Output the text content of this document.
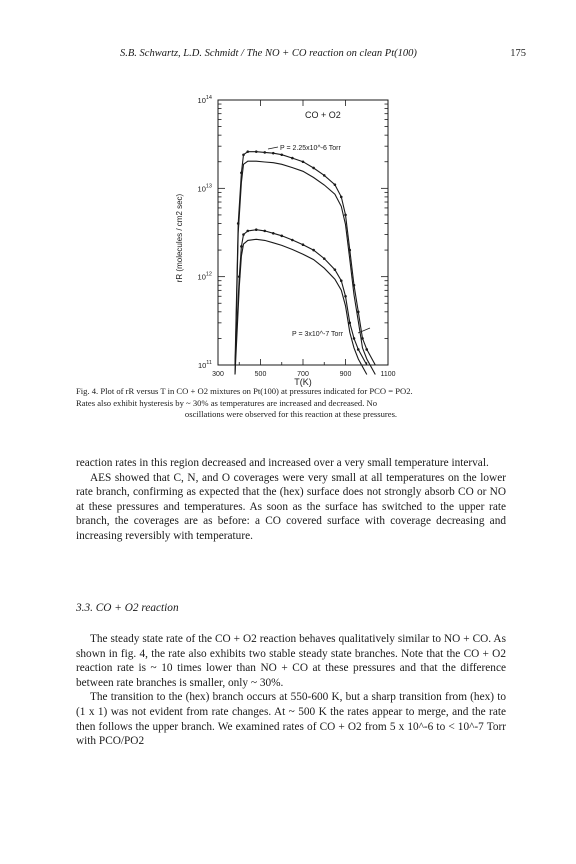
S.B. Schwartz, L.D. Schmidt / The NO + CO reaction on clean Pt(100)	175
$10^{11}$
$10^{12}$
$10^{13}$
$10^{14}$
300	500	700	900	1100
CO + O2
P = 2.25x10^-6 Torr
P = 3x10^-7 Torr
T(K)
rR (molecules / cm2 sec)
Fig. 4. Plot of rR versus T in CO + O2 mixtures on Pt(100) at pressures indicated for PCO = PO2.
Rates also exhibit hysteresis by ~ 30% as temperatures are increased and decreased. No
oscillations were observed for this reaction at these pressures.

reaction rates in this region decreased and increased over a very small temperature interval.

AES showed that C, N, and O coverages were very small at all temperatures on the lower rate branch, confirming as expected that the (hex) surface does not strongly absorb CO or NO at these pressures and temperatures. As soon as the surface has switched to the upper rate branch, the coverages are as before: a CO covered surface with coverage decreasing and increasing reversibly with temperature.

3.3. CO + O2 reaction

The steady state rate of the CO + O2 reaction behaves qualitatively similar to NO + CO. As shown in fig. 4, the rate also exhibits two stable steady state branches. Note that the CO + O2 reaction rate is ~ 10 times lower than NO + CO at these pressures and that the difference between rate branches is smaller, only ~ 30%.

The transition to the (hex) branch occurs at 550-600 K, but a sharp transition from (hex) to (1 x 1) was not evident from rate changes. At ~ 500 K the rates appear to merge, and the rate then follows the upper branch. We examined rates of CO + O2 from 5 x 10^-6 to < 10^-7 Torr with PCO/PO2
